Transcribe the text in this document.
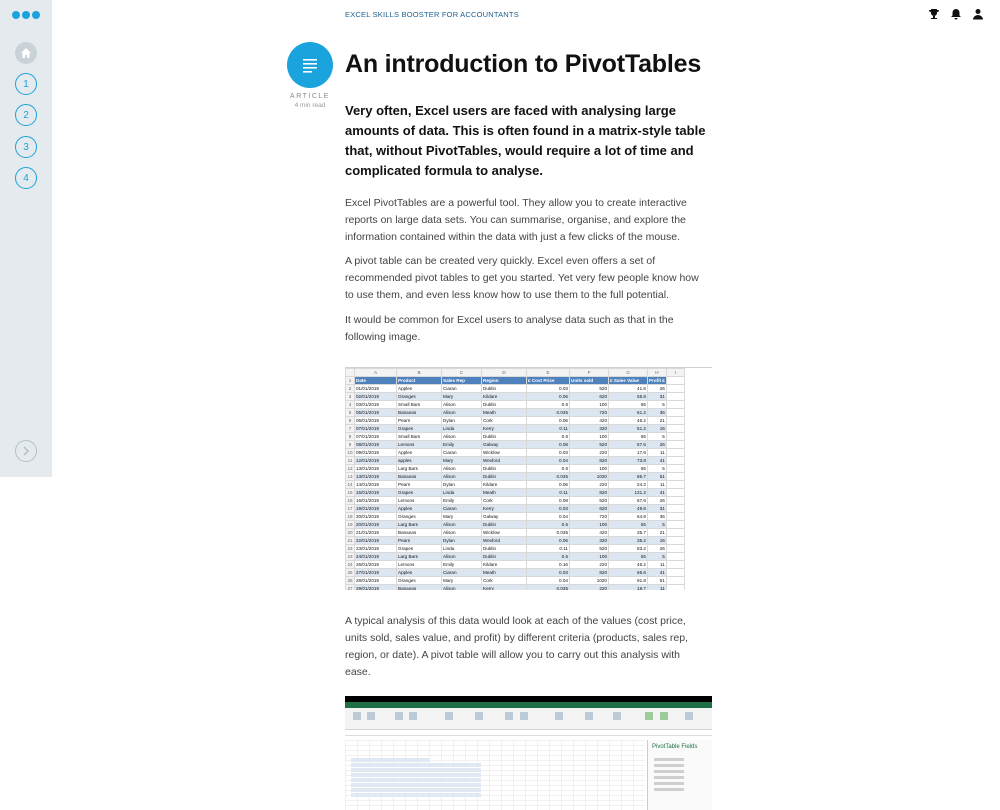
1
2
3
4
EXCEL SKILLS BOOSTER FOR ACCOUNTANTS
ARTICLE
4 min read
An introduction to PivotTables

Very often, Excel users are faced with analysing large amounts of data. This is often found in a matrix-style table that, without PivotTables, would require a lot of time and complicated formula to analyse.

Excel PivotTables are a powerful tool. They allow you to create interactive reports on large data sets. You can summarise, organise, and explore the information contained within the data with just a few clicks of the mouse.

A pivot table can be created very quickly. Excel even offers a set of recommended pivot tables to get you started. Yet very few people know how to use them, and even less know how to use them to the full potential.

It would be common for Excel users to analyse data such as that in the following image.

	A	B	C	D	E	F	G	H	I
1	Date	Product	Sales Rep	Region	£ Cost Price	Units sold	£ Sales Value	Profit £	
2	01/01/2019	Apples	Ciaran	Dublin	0.03	520	41.6	26	
3	02/01/2019	Oranges	Mary	Kildare	0.06	620	55.8	31	
4	03/01/2019	Small Bars	Alison	Dublin	0.5	100	55	5	
5	05/01/2019	Bananas	Alison	Meath	0.035	720	61.2	36	
6	06/01/2019	Pears	Dylan	Cork	0.06	420	46.2	21	
7	07/01/2019	Grapes	Linda	Kerry	0.11	320	51.2	16	
8	07/01/2019	Small Bars	Alison	Dublin	0.5	100	55	5	
9	08/01/2019	Lemons	Emily	Galway	0.08	520	67.6	26	
10	09/01/2019	Apples	Ciaran	Wicklow	0.03	220	17.6	11	
11	12/01/2019	apples	Mary	Wexford	0.04	820	73.8	41	
12	13/01/2019	Larg Bars	Alison	Dublin	0.5	100	55	5	
13	13/01/2019	Bananas	Alison	Dublin	0.035	1020	86.7	51	
14	14/01/2019	Pears	Dylan	Kildare	0.06	220	24.2	11	
15	15/01/2019	Grapes	Linda	Meath	0.11	820	131.2	41	
16	16/01/2019	Lemons	Emily	Cork	0.08	520	67.6	26	
17	19/01/2019	Apples	Ciaran	Kerry	0.03	620	49.6	31	
18	20/01/2019	Oranges	Mary	Galway	0.04	720	64.8	36	
19	20/01/2019	Larg Bars	Alison	Dublin	0.5	100	55	5	
20	21/01/2019	Bananas	Alison	Wicklow	0.035	420	35.7	21	
21	22/01/2019	Pears	Dylan	Wexford	0.06	320	35.2	16	
22	23/01/2019	Grapes	Linda	Dublin	0.11	520	83.2	26	
23	24/01/2019	Larg Bars	Alison	Dublin	0.5	100	55	5	
24	26/01/2019	Lemons	Emily	Kildare	0.16	220	46.2	11	
25	27/01/2019	Apples	Ciaran	Meath	0.03	820	65.6	41	
26	28/01/2019	Oranges	Mary	Cork	0.04	1020	91.8	51	
27	29/01/2019	Bananas	Alison	Kerry	0.035	220	18.7	11	

A typical analysis of this data would look at each of the values (cost price, units sold, sales value, and profit) by different criteria (products, sales rep, region, or date). A pivot table will allow you to carry out this analysis with ease.

PivotTable Fields
